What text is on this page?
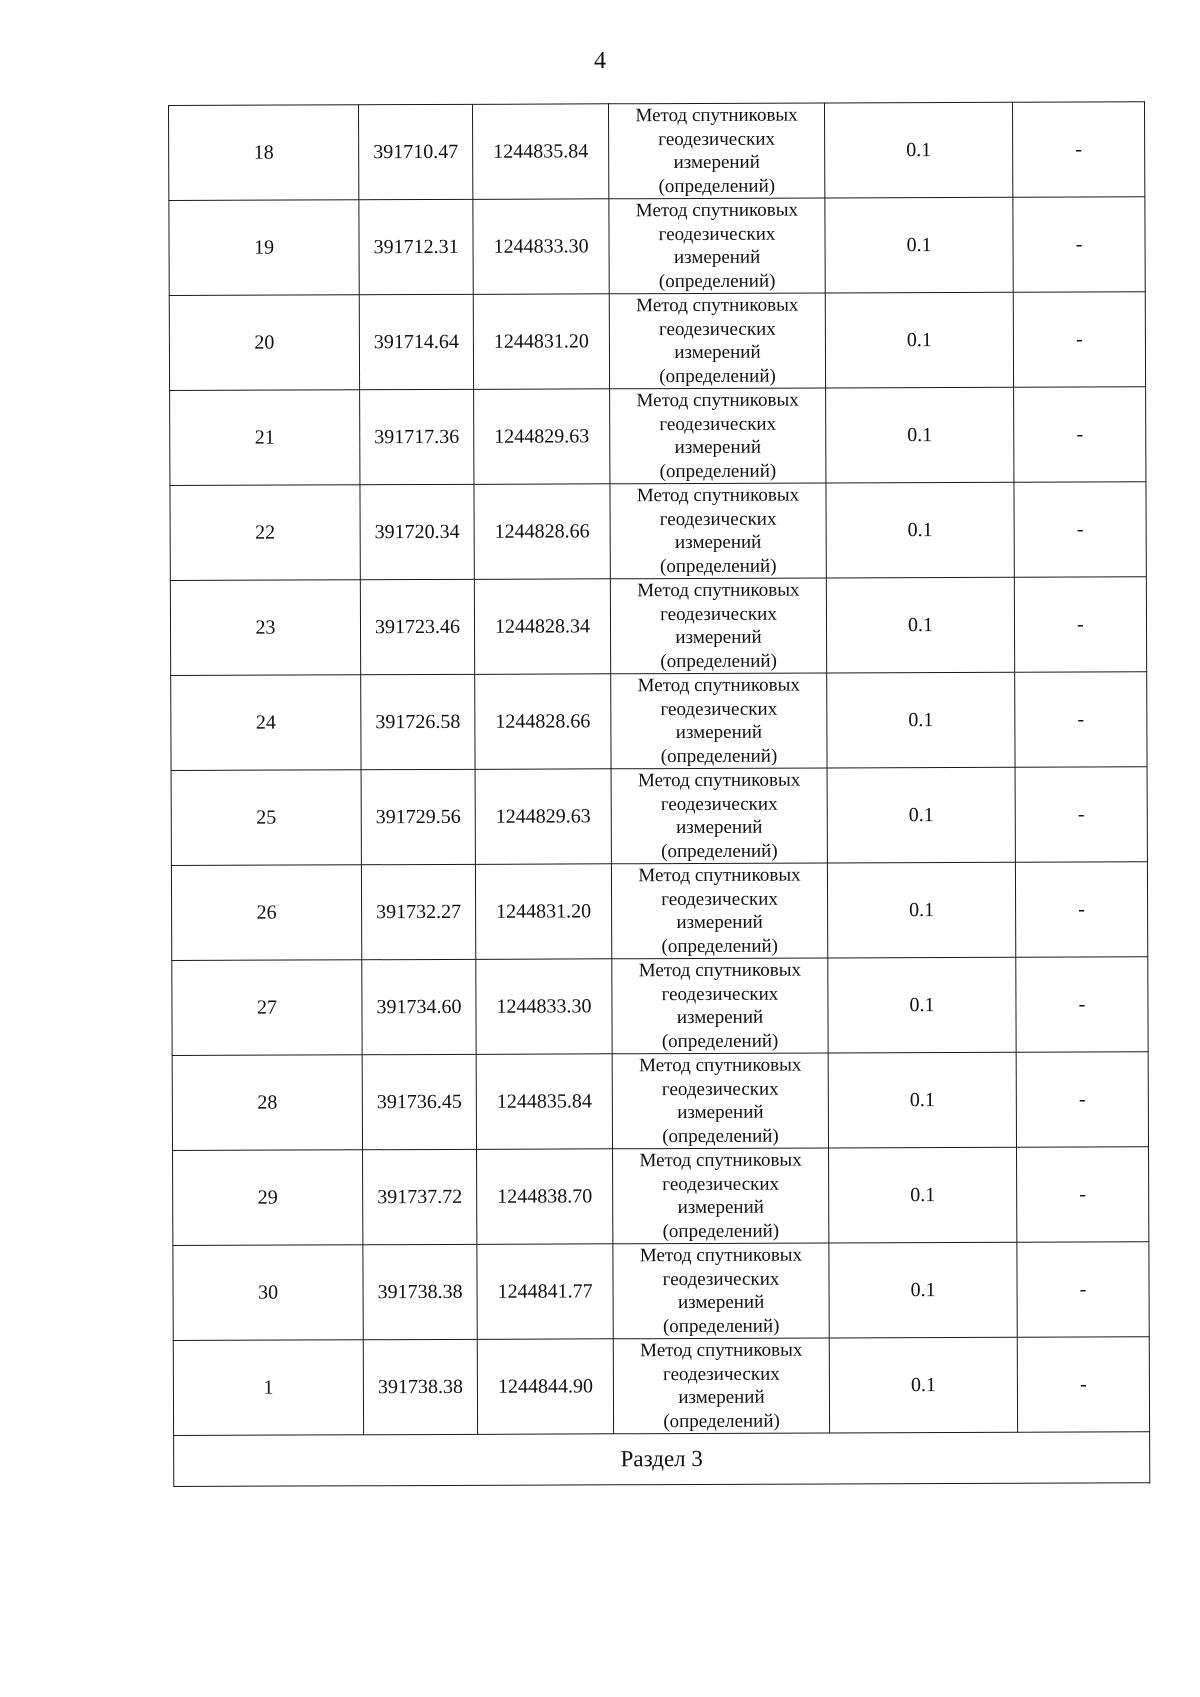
4
18	391710.47	1244835.84	Метод спутниковых
геодезических
измерений
(определений)	0.1	-
19	391712.31	1244833.30	Метод спутниковых
геодезических
измерений
(определений)	0.1	-
20	391714.64	1244831.20	Метод спутниковых
геодезических
измерений
(определений)	0.1	-
21	391717.36	1244829.63	Метод спутниковых
геодезических
измерений
(определений)	0.1	-
22	391720.34	1244828.66	Метод спутниковых
геодезических
измерений
(определений)	0.1	-
23	391723.46	1244828.34	Метод спутниковых
геодезических
измерений
(определений)	0.1	-
24	391726.58	1244828.66	Метод спутниковых
геодезических
измерений
(определений)	0.1	-
25	391729.56	1244829.63	Метод спутниковых
геодезических
измерений
(определений)	0.1	-
26	391732.27	1244831.20	Метод спутниковых
геодезических
измерений
(определений)	0.1	-
27	391734.60	1244833.30	Метод спутниковых
геодезических
измерений
(определений)	0.1	-
28	391736.45	1244835.84	Метод спутниковых
геодезических
измерений
(определений)	0.1	-
29	391737.72	1244838.70	Метод спутниковых
геодезических
измерений
(определений)	0.1	-
30	391738.38	1244841.77	Метод спутниковых
геодезических
измерений
(определений)	0.1	-
1	391738.38	1244844.90	Метод спутниковых
геодезических
измерений
(определений)	0.1	-
Раздел 3					
